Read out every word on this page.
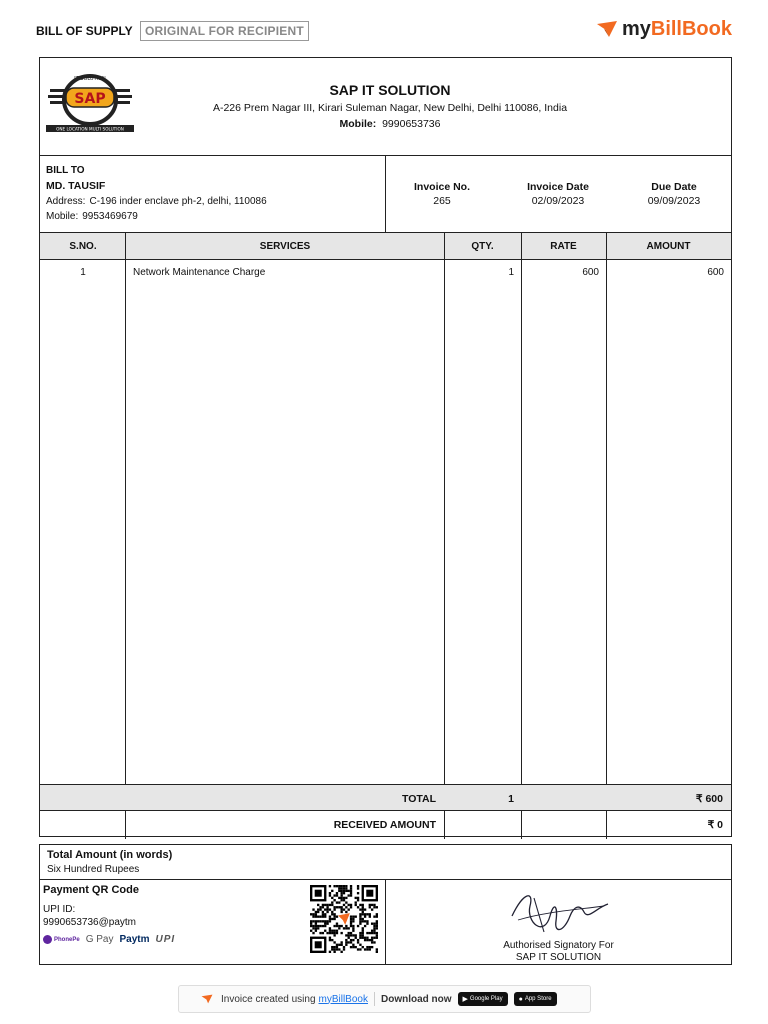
BILL OF SUPPLY	ORIGINAL FOR RECIPIENT	myBillBook
SAP
IT SOLUTION
ONE LOCATION MULTI SOLUTION
SAP IT SOLUTION
A-226 Prem Nagar III, Kirari Suleman Nagar, New Delhi, Delhi 110086, India
Mobile: 9990653736
BILL TO
MD. TAUSIF
Address: C-196 inder enclave ph-2, delhi, 110086
Mobile: 9953469679
Invoice No.
265
Invoice Date
02/09/2023
Due Date
09/09/2023
S.NO.	SERVICES	QTY.	RATE	AMOUNT
1	Network Maintenance Charge	1	600	600
TOTAL	1	₹ 600
RECEIVED AMOUNT	₹ 0
Total Amount (in words)
Six Hundred Rupees
Payment QR Code
UPI ID:
9990653736@paytm
PhonePe G Pay Paytm UPI
Authorised Signatory For
SAP IT SOLUTION
Invoice created using myBillBook Download now ▶ Google Play ● App Store
